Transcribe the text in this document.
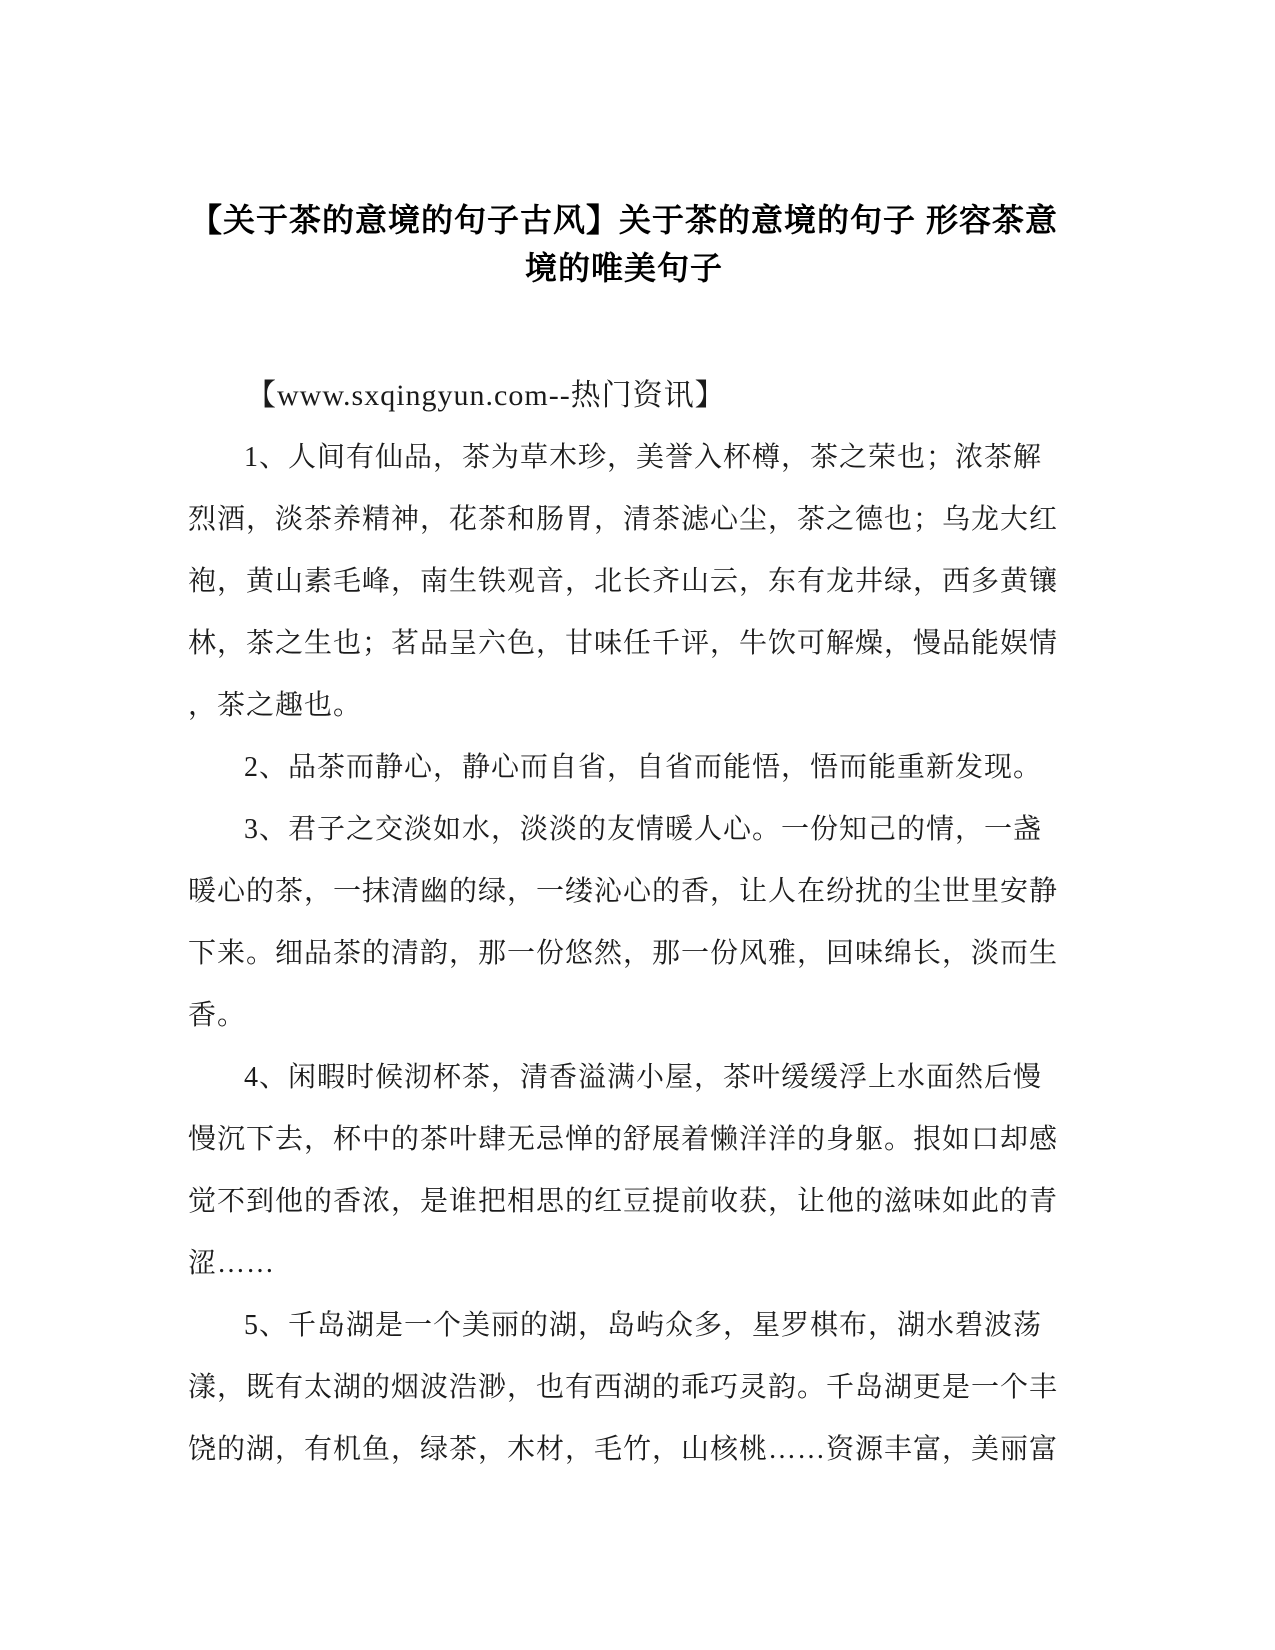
【关于茶的意境的句子古风】关于茶的意境的句子 形容茶意
境的唯美句子
【www.sxqingyun.com--热门资讯】
1、人间有仙品，茶为草木珍，美誉入杯樽，茶之荣也；浓茶解
烈酒，淡茶养精神，花茶和肠胃，清茶滤心尘，茶之德也；乌龙大红
袍，黄山素毛峰，南生铁观音，北长齐山云，东有龙井绿，西多黄镶
林，茶之生也；茗品呈六色，甘味任千评，牛饮可解燥，慢品能娱情
，茶之趣也。
2、品茶而静心，静心而自省，自省而能悟，悟而能重新发现。
3、君子之交淡如水，淡淡的友情暖人心。一份知己的情，一盏
暖心的茶，一抹清幽的绿，一缕沁心的香，让人在纷扰的尘世里安静
下来。细品茶的清韵，那一份悠然，那一份风雅，回味绵长，淡而生
香。
4、闲暇时候沏杯茶，清香溢满小屋，茶叶缓缓浮上水面然后慢
慢沉下去，杯中的茶叶肆无忌惮的舒展着懒洋洋的身躯。拫如口却感
觉不到他的香浓，是谁把相思的红豆提前收获，让他的滋味如此的青
涩……
5、千岛湖是一个美丽的湖，岛屿众多，星罗棋布，湖水碧波荡
漾，既有太湖的烟波浩渺，也有西湖的乖巧灵韵。千岛湖更是一个丰
饶的湖，有机鱼，绿茶，木材，毛竹，山核桃……资源丰富，美丽富
